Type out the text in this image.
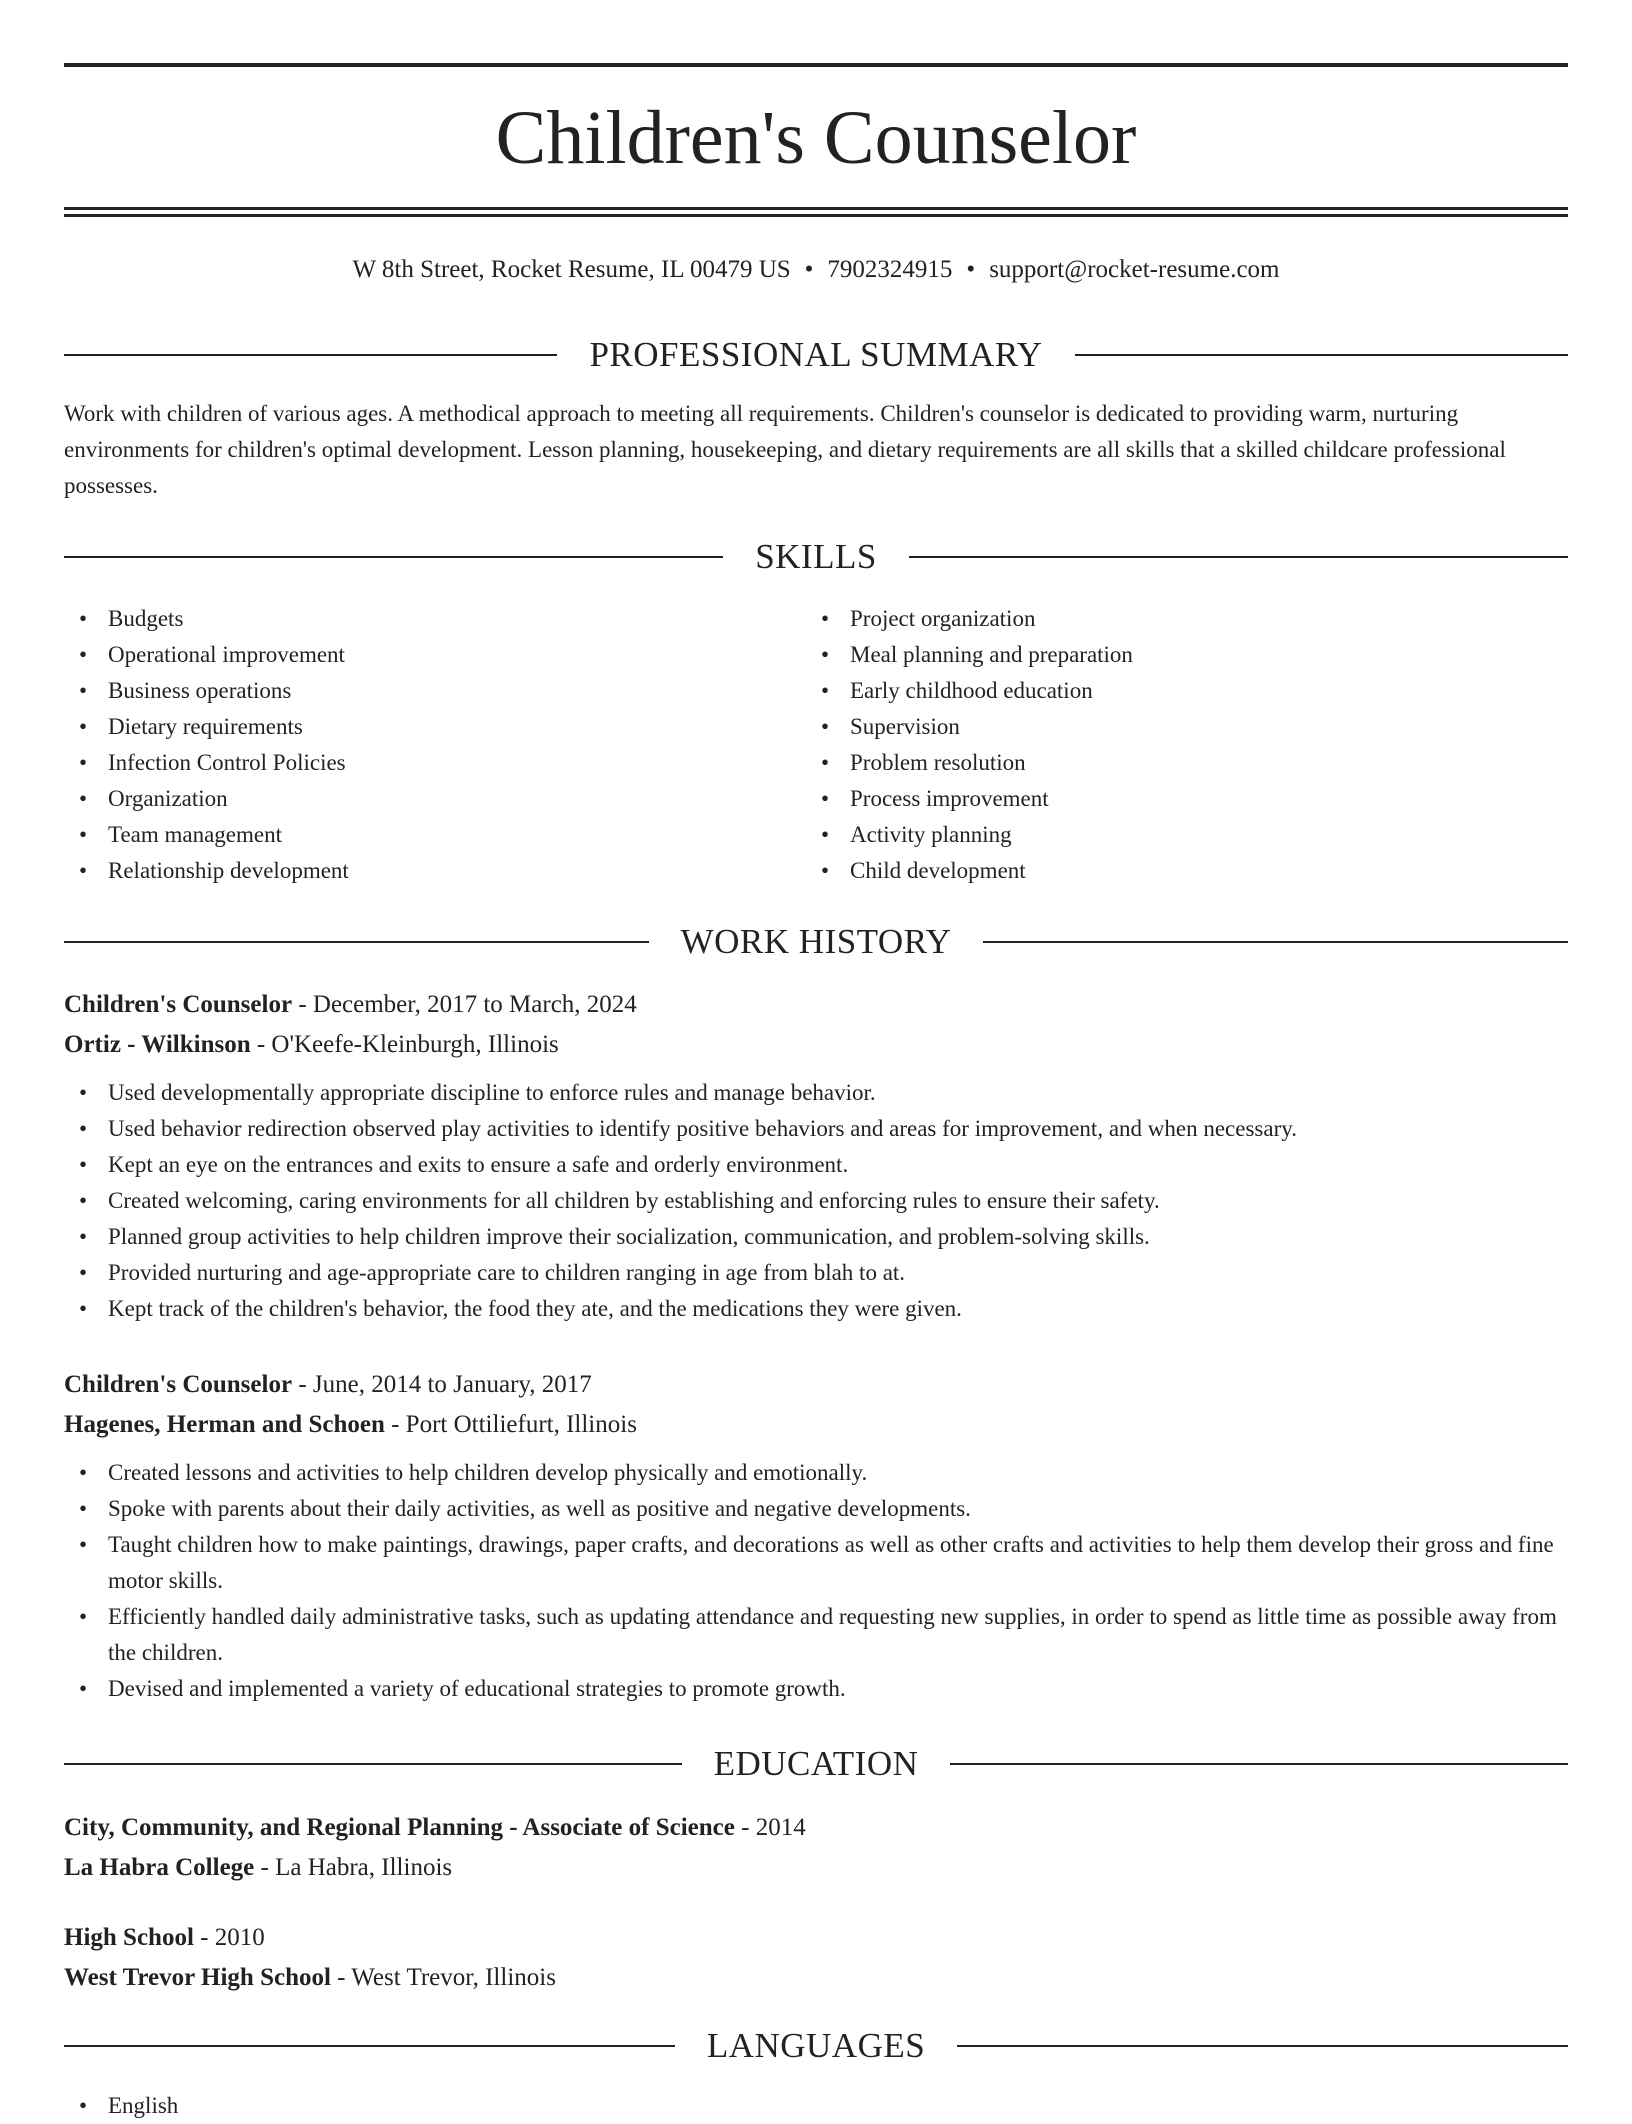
Children's Counselor
W 8th Street, Rocket Resume, IL 00479 US • 7902324915 • support@rocket-resume.com
PROFESSIONAL SUMMARY
Work with children of various ages. A methodical approach to meeting all requirements. Children's counselor is dedicated to providing warm, nurturing environments for children's optimal development. Lesson planning, housekeeping, and dietary requirements are all skills that a skilled childcare professional possesses.
SKILLS
• Budgets
• Operational improvement
• Business operations
• Dietary requirements
• Infection Control Policies
• Organization
• Team management
• Relationship development
• Project organization
• Meal planning and preparation
• Early childhood education
• Supervision
• Problem resolution
• Process improvement
• Activity planning
• Child development
WORK HISTORY
Children's Counselor - December, 2017 to March, 2024
Ortiz - Wilkinson - O'Keefe-Kleinburgh, Illinois
• Used developmentally appropriate discipline to enforce rules and manage behavior.
• Used behavior redirection observed play activities to identify positive behaviors and areas for improvement, and when necessary.
• Kept an eye on the entrances and exits to ensure a safe and orderly environment.
• Created welcoming, caring environments for all children by establishing and enforcing rules to ensure their safety.
• Planned group activities to help children improve their socialization, communication, and problem-solving skills.
• Provided nurturing and age-appropriate care to children ranging in age from blah to at.
• Kept track of the children's behavior, the food they ate, and the medications they were given.
Children's Counselor - June, 2014 to January, 2017
Hagenes, Herman and Schoen - Port Ottiliefurt, Illinois
• Created lessons and activities to help children develop physically and emotionally.
• Spoke with parents about their daily activities, as well as positive and negative developments.
• Taught children how to make paintings, drawings, paper crafts, and decorations as well as other crafts and activities to help them develop their gross and fine motor skills.
• Efficiently handled daily administrative tasks, such as updating attendance and requesting new supplies, in order to spend as little time as possible away from the children.
• Devised and implemented a variety of educational strategies to promote growth.
EDUCATION
City, Community, and Regional Planning - Associate of Science - 2014
La Habra College - La Habra, Illinois
High School - 2010
West Trevor High School - West Trevor, Illinois
LANGUAGES
• English
